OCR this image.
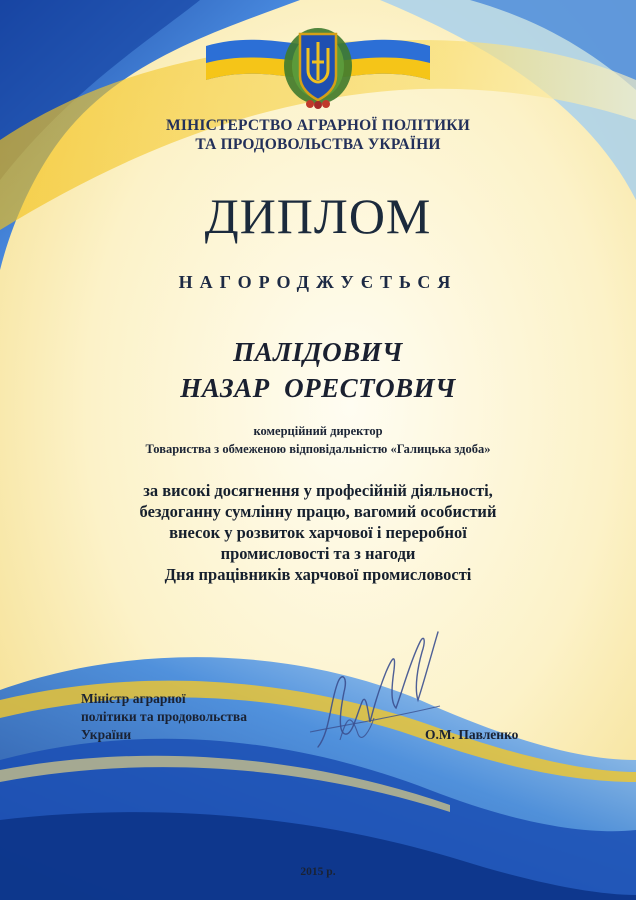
МІНІСТЕРСТВО АГРАРНОЇ ПОЛІТИКИ
ТА ПРОДОВОЛЬСТВА УКРАЇНИ
ДИПЛОМ
НАГОРОДЖУЄТЬСЯ
ПАЛІДОВИЧ
НАЗАР  ОРЕСТОВИЧ
комерційний директор
Товариства з обмеженою відповідальністю «Галицька здоба»
за високі досягнення у професійній діяльності,
бездоганну сумлінну працю, вагомий особистий
внесок у розвиток харчової і переробної
промисловості та з нагоди
Дня працівників харчової промисловості
Міністр аграрної
політики та продовольства
України	О.М. Павленко
2015 р.
